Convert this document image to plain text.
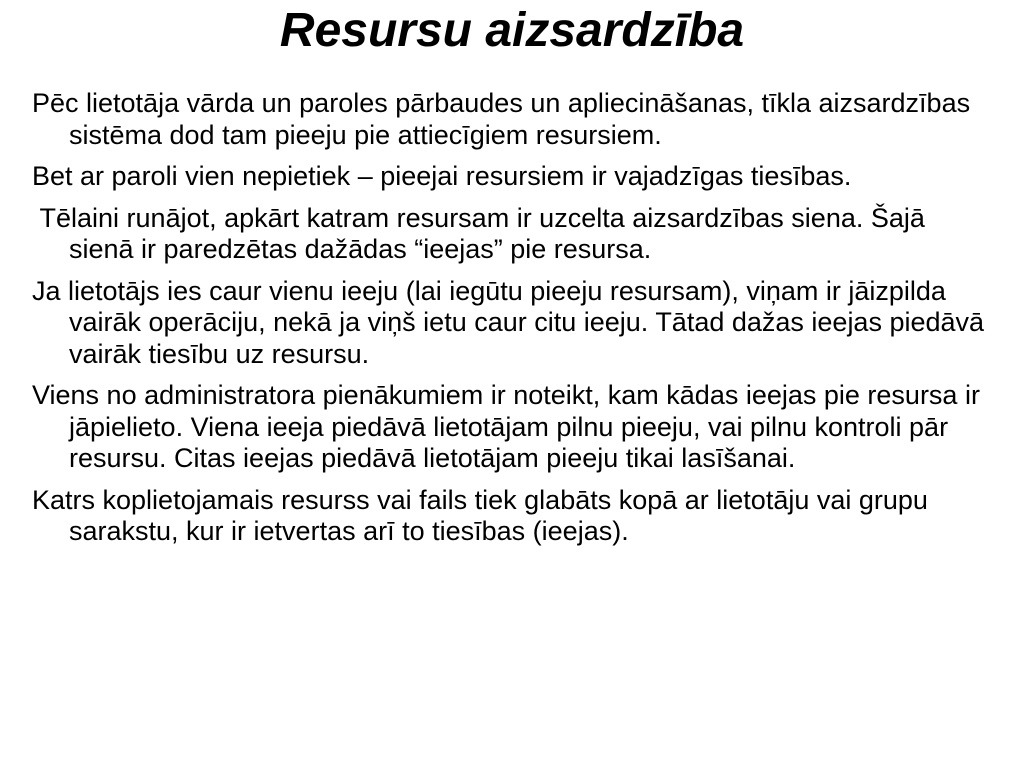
Resursu aizsardzība
Pēc lietotāja vārda un paroles pārbaudes un apliecināšanas, tīkla aizsardzības sistēma dod tam pieeju pie attiecīgiem resursiem.
Bet ar paroli vien nepietiek – pieejai resursiem ir vajadzīgas tiesības.
Tēlaini runājot, apkārt katram resursam ir uzcelta aizsardzības siena. Šajā sienā ir paredzētas dažādas “ieejas” pie resursa.
Ja lietotājs ies caur vienu ieeju (lai iegūtu pieeju resursam), viņam ir jāizpilda vairāk operāciju, nekā ja viņš ietu caur citu ieeju. Tātad dažas ieejas piedāvā vairāk tiesību uz resursu.
Viens no administratora pienākumiem ir noteikt, kam kādas ieejas pie resursa ir jāpielieto. Viena ieeja piedāvā lietotājam pilnu pieeju, vai pilnu kontroli pār resursu. Citas ieejas piedāvā lietotājam pieeju tikai lasīšanai.
Katrs koplietojamais resurss vai fails tiek glabāts kopā ar lietotāju vai grupu sarakstu, kur ir ietvertas arī to tiesības (ieejas).
